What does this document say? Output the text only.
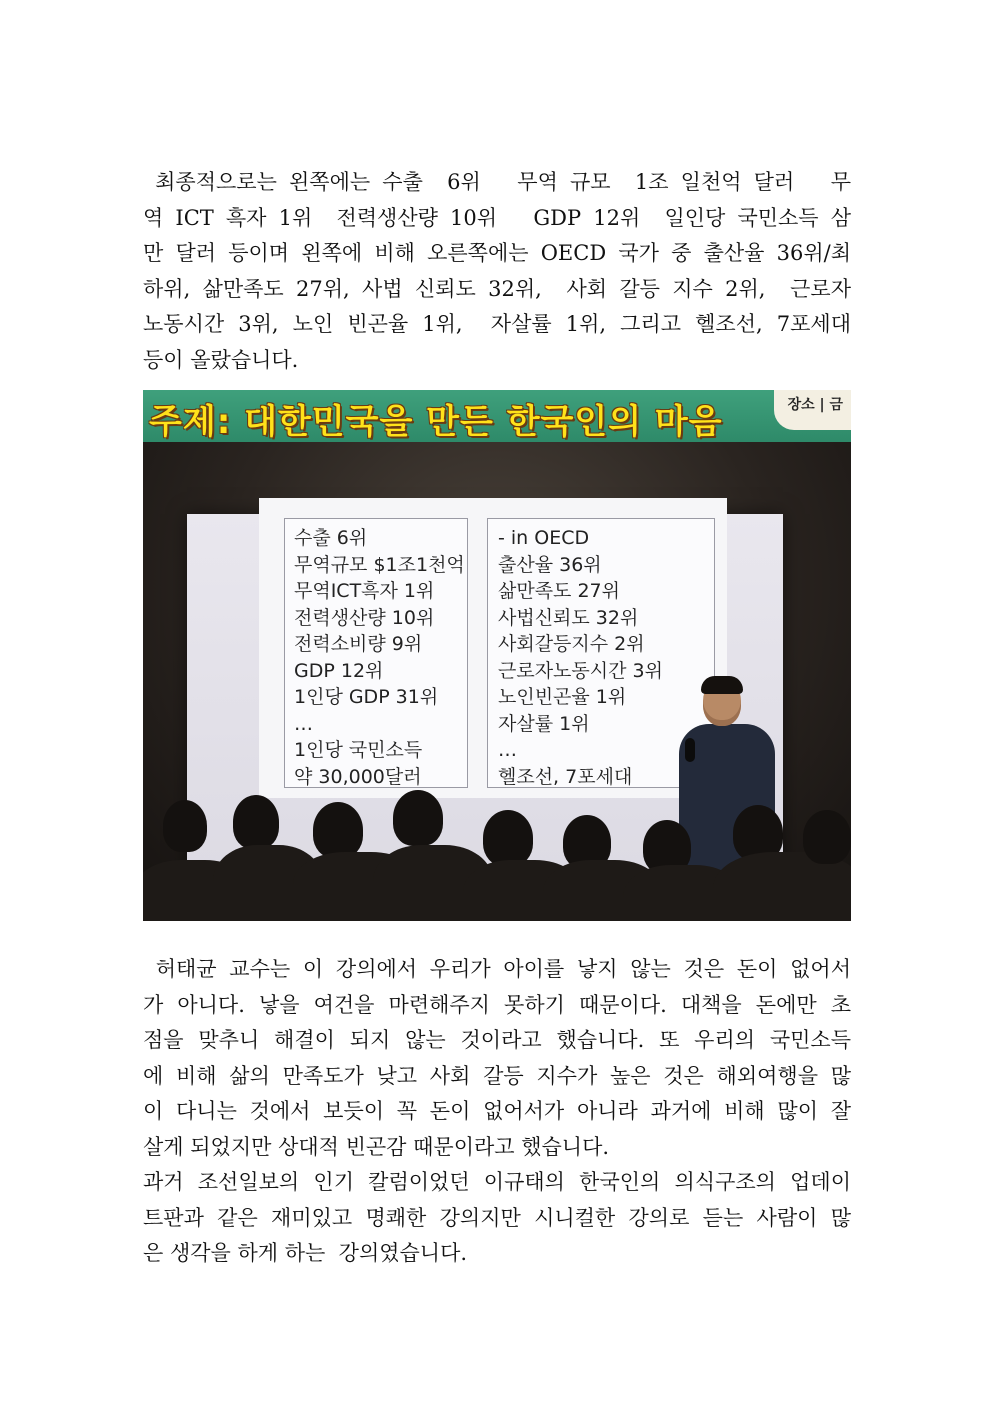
최종적으로는 왼쪽에는 수출  6위   무역 규모  1조 일천억 달러   무
역 ICT 흑자 1위  전력생산량 10위   GDP 12위  일인당 국민소득 삼
만 달러 등이며 왼쪽에 비해 오른쪽에는 OECD 국가 중 출산율 36위/최
하위, 삶만족도 27위, 사법 신뢰도 32위,  사회 갈등 지수 2위,  근로자
노동시간 3위, 노인 빈곤율 1위,  자살률 1위, 그리고 헬조선, 7포세대
등이 올랐습니다.
주제: 대한민국을 만든 한국인의 마음	장소 | 금
수출 6위
무역규모 $1조1천억
무역ICT흑자 1위
전력생산량 10위
전력소비량 9위
GDP 12위
1인당 GDP 31위
…
1인당 국민소득
약 30,000달러
- in OECD
출산율 36위
삶만족도 27위
사법신뢰도 32위
사회갈등지수 2위
근로자노동시간 3위
노인빈곤율 1위
자살률 1위
…
헬조선, 7포세대
허태균 교수는 이 강의에서 우리가 아이를 낳지 않는 것은 돈이 없어서
가 아니다. 낳을 여건을 마련해주지 못하기 때문이다. 대책을 돈에만 초
점을 맞추니 해결이 되지 않는 것이라고 했습니다. 또 우리의 국민소득
에 비해 삶의 만족도가 낮고 사회 갈등 지수가 높은 것은 해외여행을 많
이 다니는 것에서 보듯이 꼭 돈이 없어서가 아니라 과거에 비해 많이 잘
살게 되었지만 상대적 빈곤감 때문이라고 했습니다.
과거 조선일보의 인기 칼럼이었던 이규태의 한국인의 의식구조의 업데이
트판과 같은 재미있고 명쾌한 강의지만 시니컬한 강의로 듣는 사람이 많
은 생각을 하게 하는  강의였습니다.
